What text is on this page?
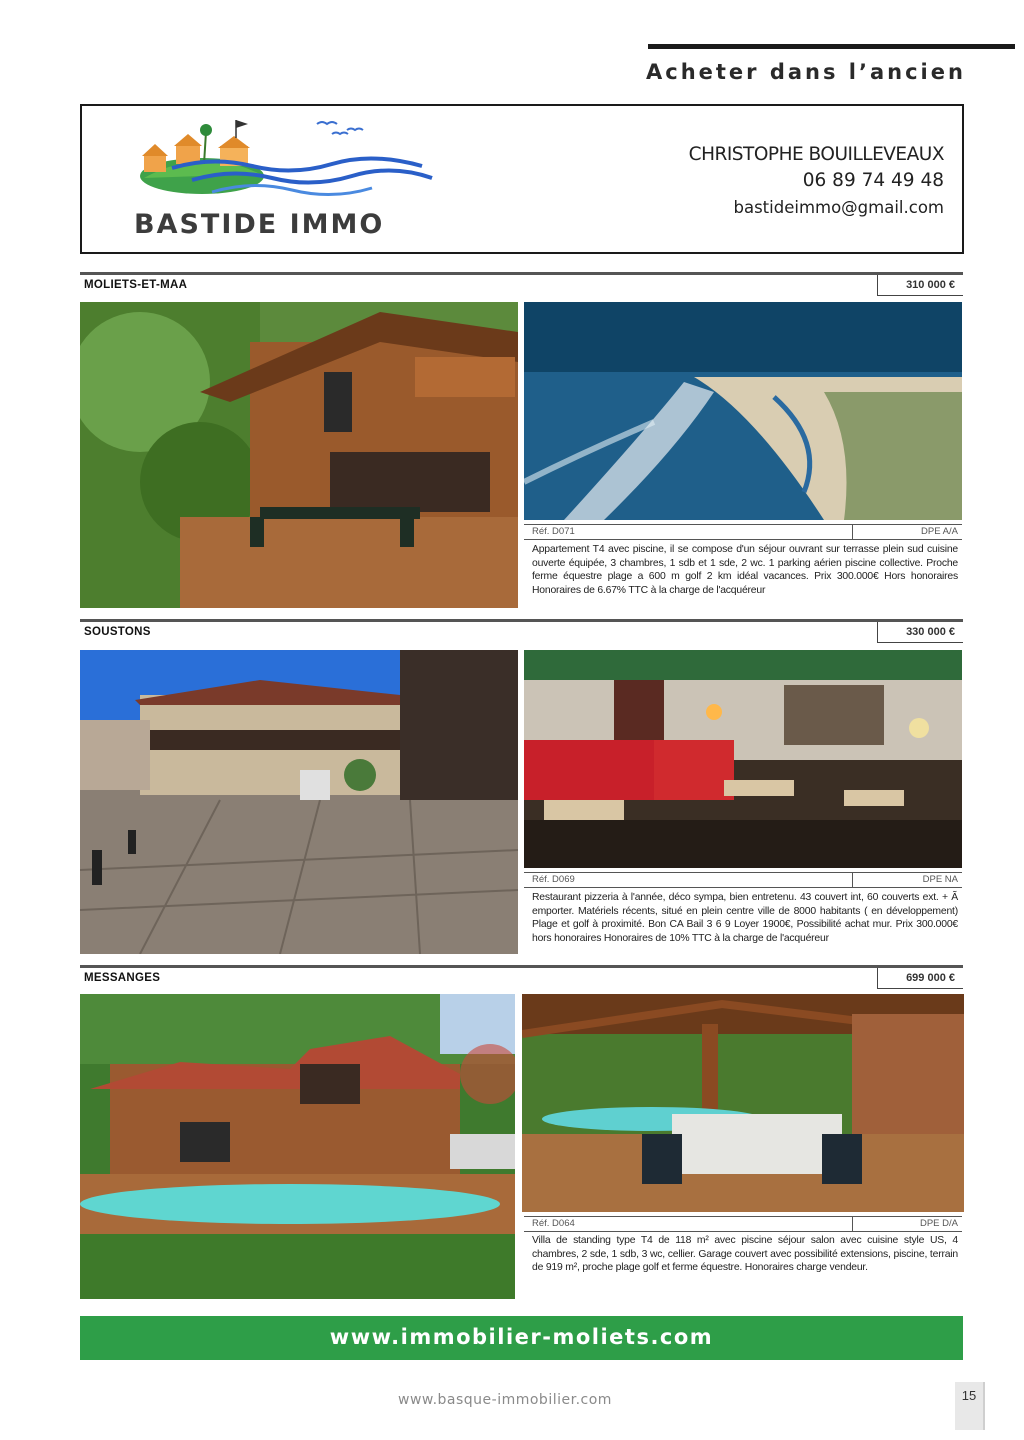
Acheter dans l’ancien
BASTIDE IMMO
CHRISTOPHE BOUILLEVEAUX
06 89 74 49 48
bastideimmo@gmail.com
MOLIETS-ET-MAA	310 000 €
Réf. D071	DPE A/A
Appartement T4 avec piscine, il se compose d'un séjour ouvrant sur terrasse plein sud cuisine ouverte équipée, 3 chambres, 1 sdb et 1 sde, 2 wc. 1 parking aérien piscine collective. Proche ferme équestre plage a 600 m golf 2 km idéal vacances. Prix 300.000€ Hors honoraires Honoraires de 6.67% TTC à la charge de l'acquéreur
SOUSTONS	330 000 €
Réf. D069	DPE NA
Restaurant pizzeria à l'année, déco sympa, bien entretenu. 43 couvert int, 60 couverts ext. + Ã emporter. Matériels récents, situé en plein centre ville de 8000 habitants ( en développement) Plage et golf à proximité. Bon CA Bail 3 6 9 Loyer 1900€, Possibilité achat mur. Prix 300.000€ hors honoraires Honoraires de 10% TTC à la charge de l'acquéreur
MESSANGES	699 000 €
Réf. D064	DPE D/A
Villa de standing type T4 de 118 m² avec piscine séjour salon avec cuisine style US, 4 chambres, 2 sde, 1 sdb, 3 wc, cellier. Garage couvert avec possibilité extensions, piscine, terrain de 919 m², proche plage golf et ferme équestre. Honoraires charge vendeur.
www.immobilier-moliets.com
www.basque-immobilier.com	15
